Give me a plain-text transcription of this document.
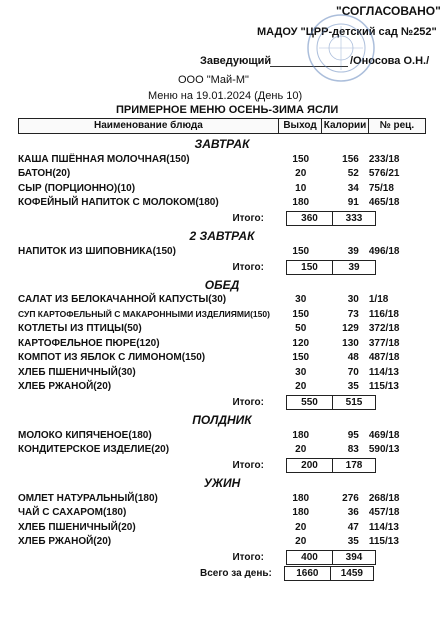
"СОГЛАСОВАНО"
МАДОУ "ЦРР-детский сад №252"
Заведующий	/Оносова О.Н./
ООО "Май-М"
Меню на 19.01.2024 (День 10)
ПРИМЕРНОЕ МЕНЮ ОСЕНЬ-ЗИМА ЯСЛИ
Наименование блюда	Выход Калории	№ рец.
ЗАВТРАК
КАША ПШЁННАЯ МОЛОЧНАЯ(150)	150	156	233/18
БАТОН(20)	20	52	576/21
СЫР (ПОРЦИОННО)(10)	10	34	75/18
КОФЕЙНЫЙ НАПИТОК С МОЛОКОМ(180)	180	91	465/18
Итого:	360	333
2 ЗАВТРАК
НАПИТОК ИЗ ШИПОВНИКА(150)	150	39	496/18
Итого:	150	39
ОБЕД
САЛАТ ИЗ БЕЛОКАЧАННОЙ КАПУСТЫ(30)	30	30	1/18
СУП КАРТОФЕЛЬНЫЙ С МАКАРОННЫМИ ИЗДЕЛИЯМИ(150)	150	73	116/18
КОТЛЕТЫ ИЗ ПТИЦЫ(50)	50	129	372/18
КАРТОФЕЛЬНОЕ ПЮРЕ(120)	120	130	377/18
КОМПОТ ИЗ ЯБЛОК С ЛИМОНОМ(150)	150	48	487/18
ХЛЕБ ПШЕНИЧНЫЙ(30)	30	70	114/13
ХЛЕБ РЖАНОЙ(20)	20	35	115/13
Итого:	550	515
ПОЛДНИК
МОЛОКО КИПЯЧЕНОЕ(180)	180	95	469/18
КОНДИТЕРСКОЕ ИЗДЕЛИЕ(20)	20	83	590/13
Итого:	200	178
УЖИН
ОМЛЕТ НАТУРАЛЬНЫЙ(180)	180	276	268/18
ЧАЙ С САХАРОМ(180)	180	36	457/18
ХЛЕБ ПШЕНИЧНЫЙ(20)	20	47	114/13
ХЛЕБ РЖАНОЙ(20)	20	35	115/13
Итого:	400	394
Всего за день:	1660	1459
